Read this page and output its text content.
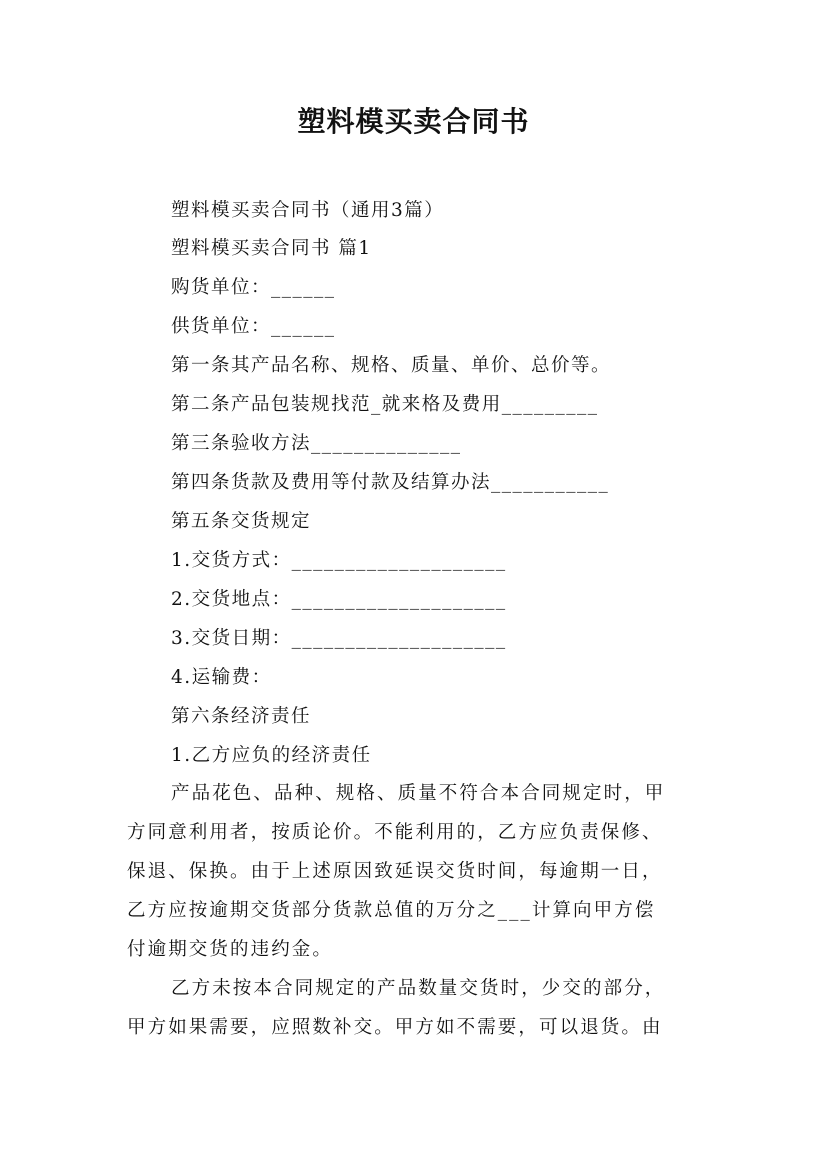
塑料模买卖合同书
塑料模买卖合同书（通用3篇）
塑料模买卖合同书 篇1
购货单位：______
供货单位：______
第一条其产品名称、规格、质量、单价、总价等。
第二条产品包装规找范_就来格及费用_________
第三条验收方法______________
第四条货款及费用等付款及结算办法___________
第五条交货规定
1.交货方式：____________________
2.交货地点：____________________
3.交货日期：____________________
4.运输费：
第六条经济责任
1.乙方应负的经济责任
产品花色、品种、规格、质量不符合本合同规定时，甲
方同意利用者，按质论价。不能利用的，乙方应负责保修、
保退、保换。由于上述原因致延误交货时间，每逾期一日，
乙方应按逾期交货部分货款总值的万分之___计算向甲方偿
付逾期交货的违约金。
乙方未按本合同规定的产品数量交货时，少交的部分，
甲方如果需要，应照数补交。甲方如不需要，可以退货。由
